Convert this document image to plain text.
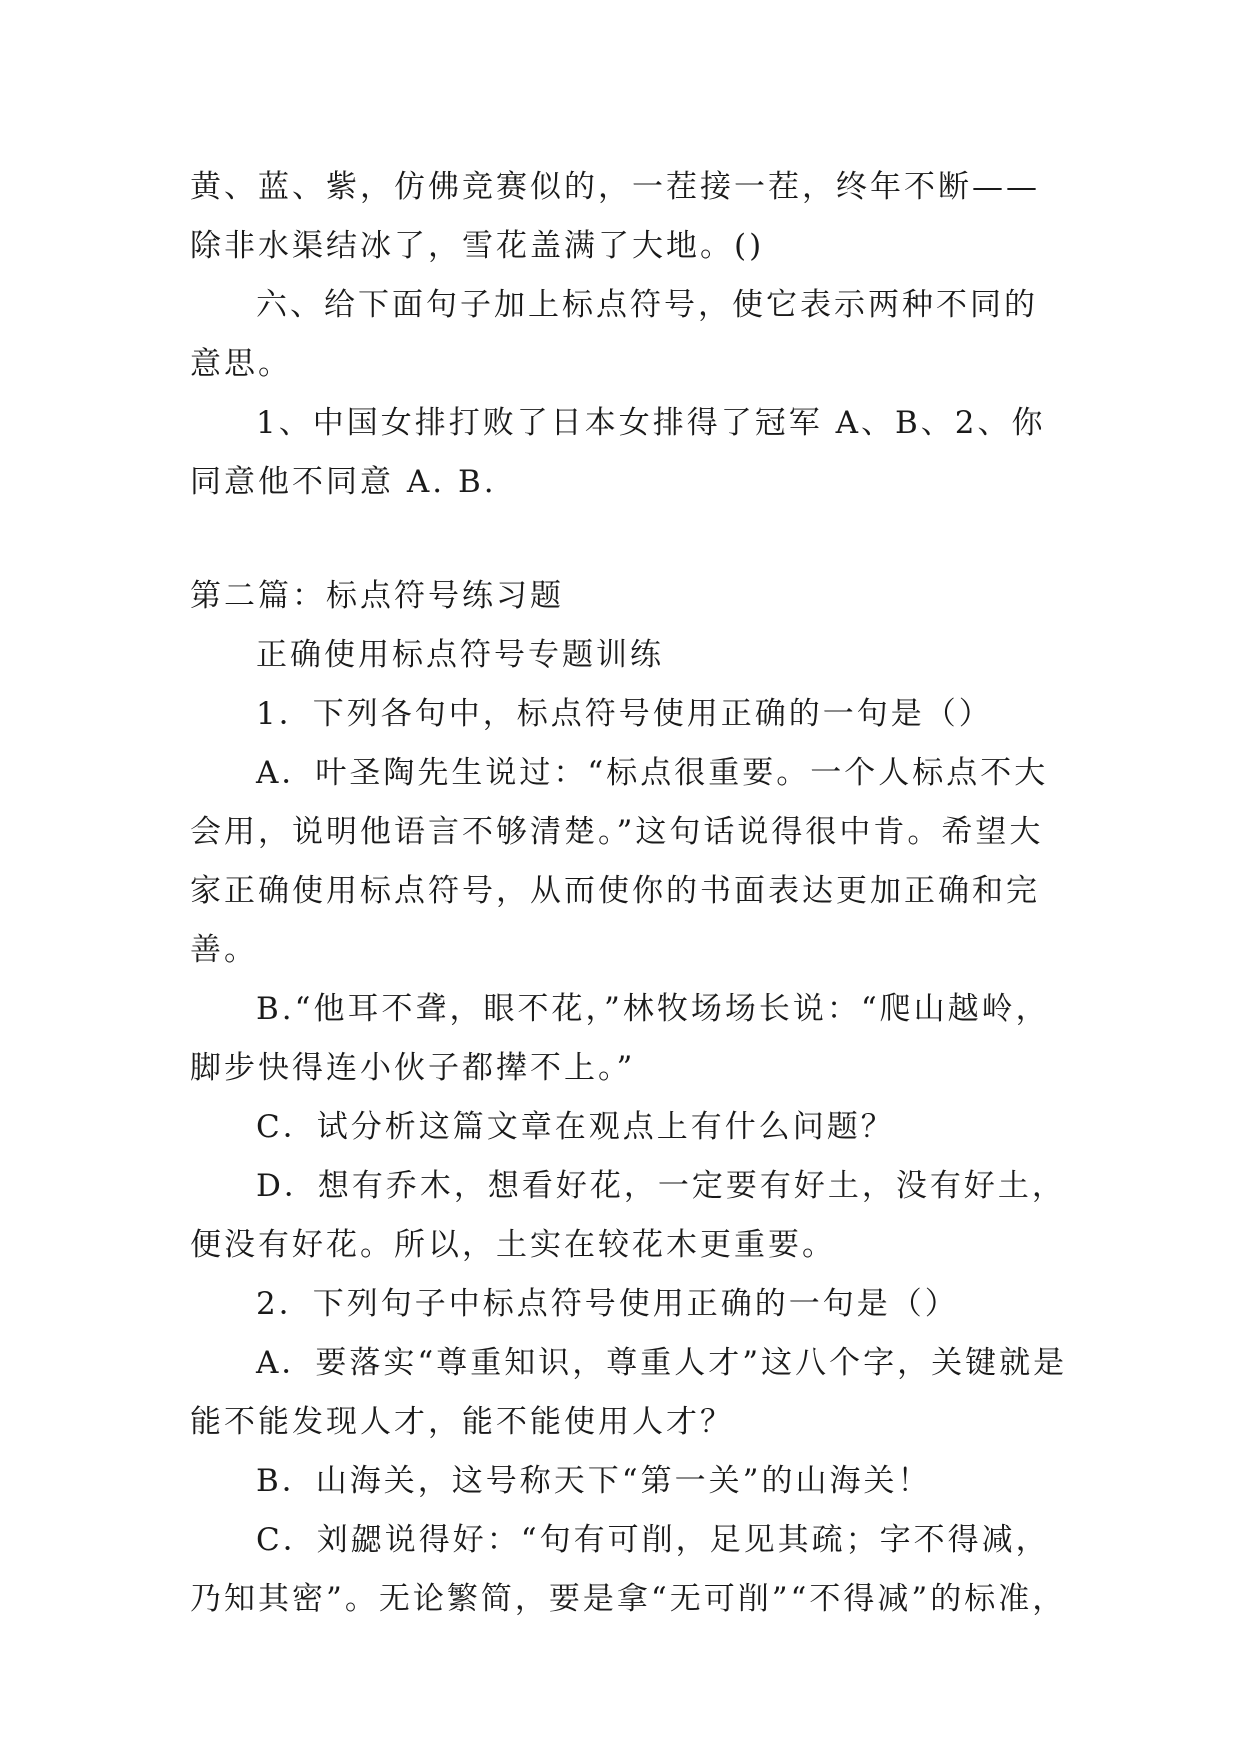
黄、蓝、紫，仿佛竞赛似的，一茬接一茬，终年不断——除非水渠结冰了，雪花盖满了大地。()

六、给下面句子加上标点符号，使它表示两种不同的意思。

1、中国女排打败了日本女排得了冠军 A、B、2、你同意他不同意 A. B.

第二篇：标点符号练习题

正确使用标点符号专题训练

1．下列各句中，标点符号使用正确的一句是（）

A．叶圣陶先生说过：“标点很重要。一个人标点不大会用，说明他语言不够清楚。”这句话说得很中肯。希望大家正确使用标点符号，从而使你的书面表达更加正确和完善。

B.“他耳不聋，眼不花，”林牧场场长说：“爬山越岭，脚步快得连小伙子都撵不上。”

C．试分析这篇文章在观点上有什么问题？

D．想有乔木，想看好花，一定要有好土，没有好土，便没有好花。所以，土实在较花木更重要。

2．下列句子中标点符号使用正确的一句是（）

A．要落实“尊重知识，尊重人才”这八个字，关键就是能不能发现人才，能不能使用人才？

B．山海关，这号称天下“第一关”的山海关！

C．刘勰说得好：“句有可削，足见其疏；字不得减，乃知其密”。无论繁简，要是拿“无可削”“不得减”的标准，
